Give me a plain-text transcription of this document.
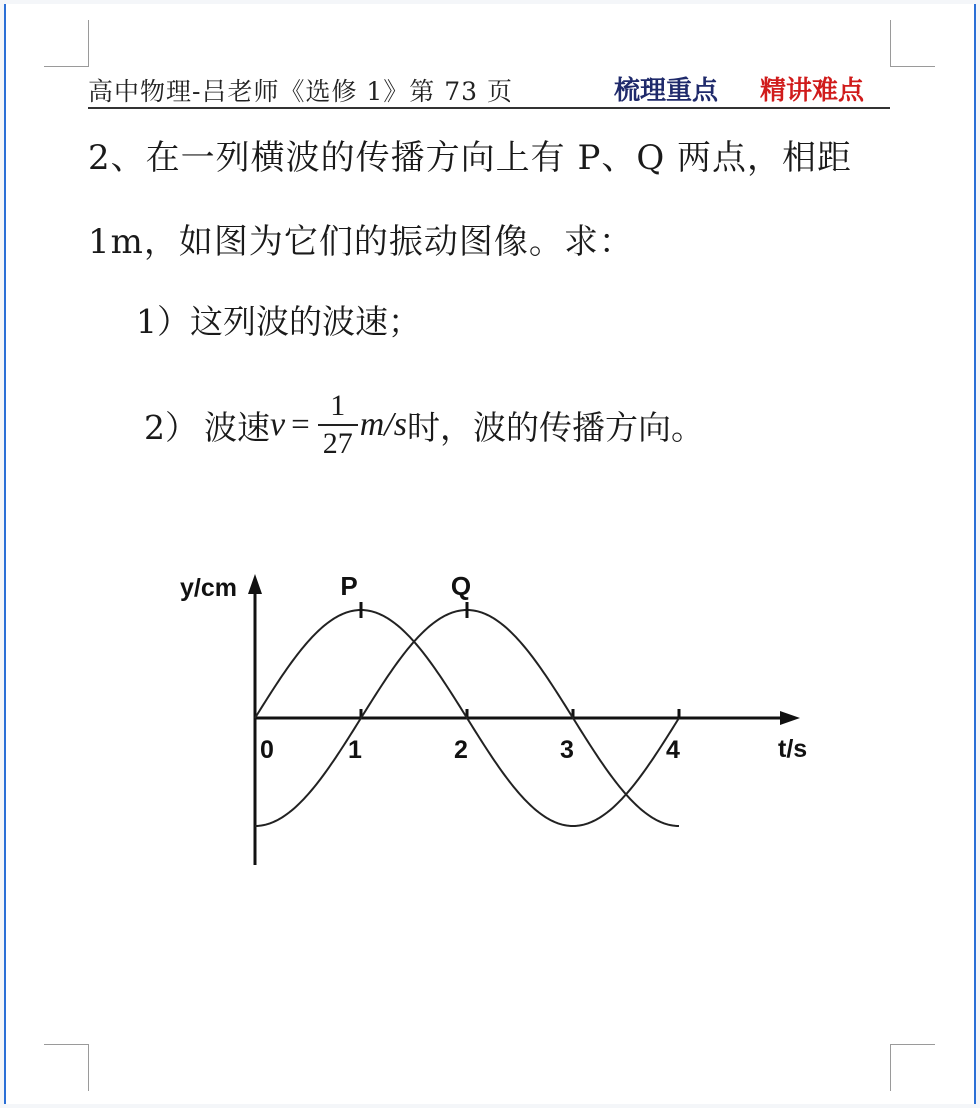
高中物理-吕老师《选修 1》第 73 页	梳理重点 精讲难点
2、在一列横波的传播方向上有 P、Q 两点，相距
1m，如图为它们的振动图像。求：
1）这列波的波速；
2） 波速 $v = \frac{1}{27} m/s$ 时，波的传播方向。
P	Q
y/cm
t/s
0	1	2	3	4
